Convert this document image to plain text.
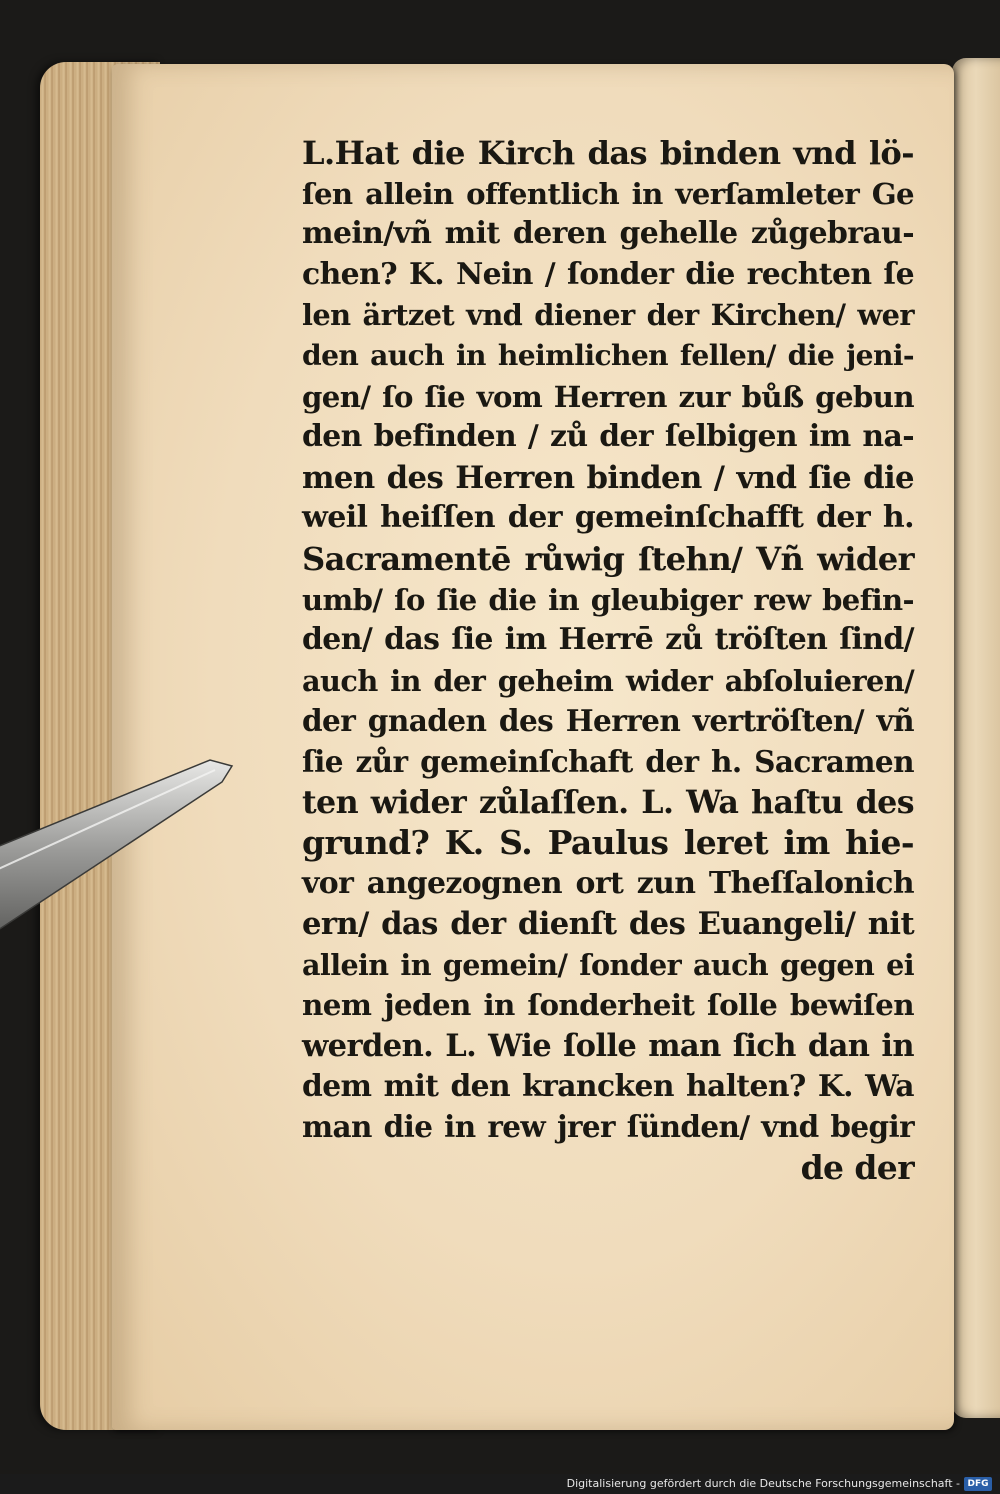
L.Hat die Kirch das binden vnd lö-
ſen allein offentlich in verſamleter Ge
mein/vñ mit deren gehelle zůgebrau-
chen? K. Nein / ſonder die rechten ſe
len ärtzet vnd diener der Kirchen/ wer
den auch in heimlichen fellen/ die jeni-
gen/ ſo ſie vom Herren zur bůß gebun
den befinden / zů der ſelbigen im na-
men des Herren binden / vnd ſie die
weil heiſſen der gemeinſchafft der h.
Sacramentē růwig ſtehn/ Vñ wider
umb/ ſo ſie die in gleubiger rew befin-
den/ das ſie im Herrē zů tröſten ſind/
auch in der geheim wider abſoluieren/
der gnaden des Herren vertröſten/ vñ
ſie zůr gemeinſchaft der h. Sacramen
ten wider zůlaſſen. L. Wa haſtu des
grund? K. S. Paulus leret im hie-
vor angezognen ort zun Theſſalonich
ern/ das der dienſt des Euangeli/ nit
allein in gemein/ ſonder auch gegen ei
nem jeden in ſonderheit ſolle bewiſen
werden. L. Wie ſolle man ſich dan in
dem mit den krancken halten? K. Wa
man die in rew jrer ſünden/ vnd begir
de der
Digitalisierung gefördert durch die Deutsche Forschungsgemeinschaft - DFG
